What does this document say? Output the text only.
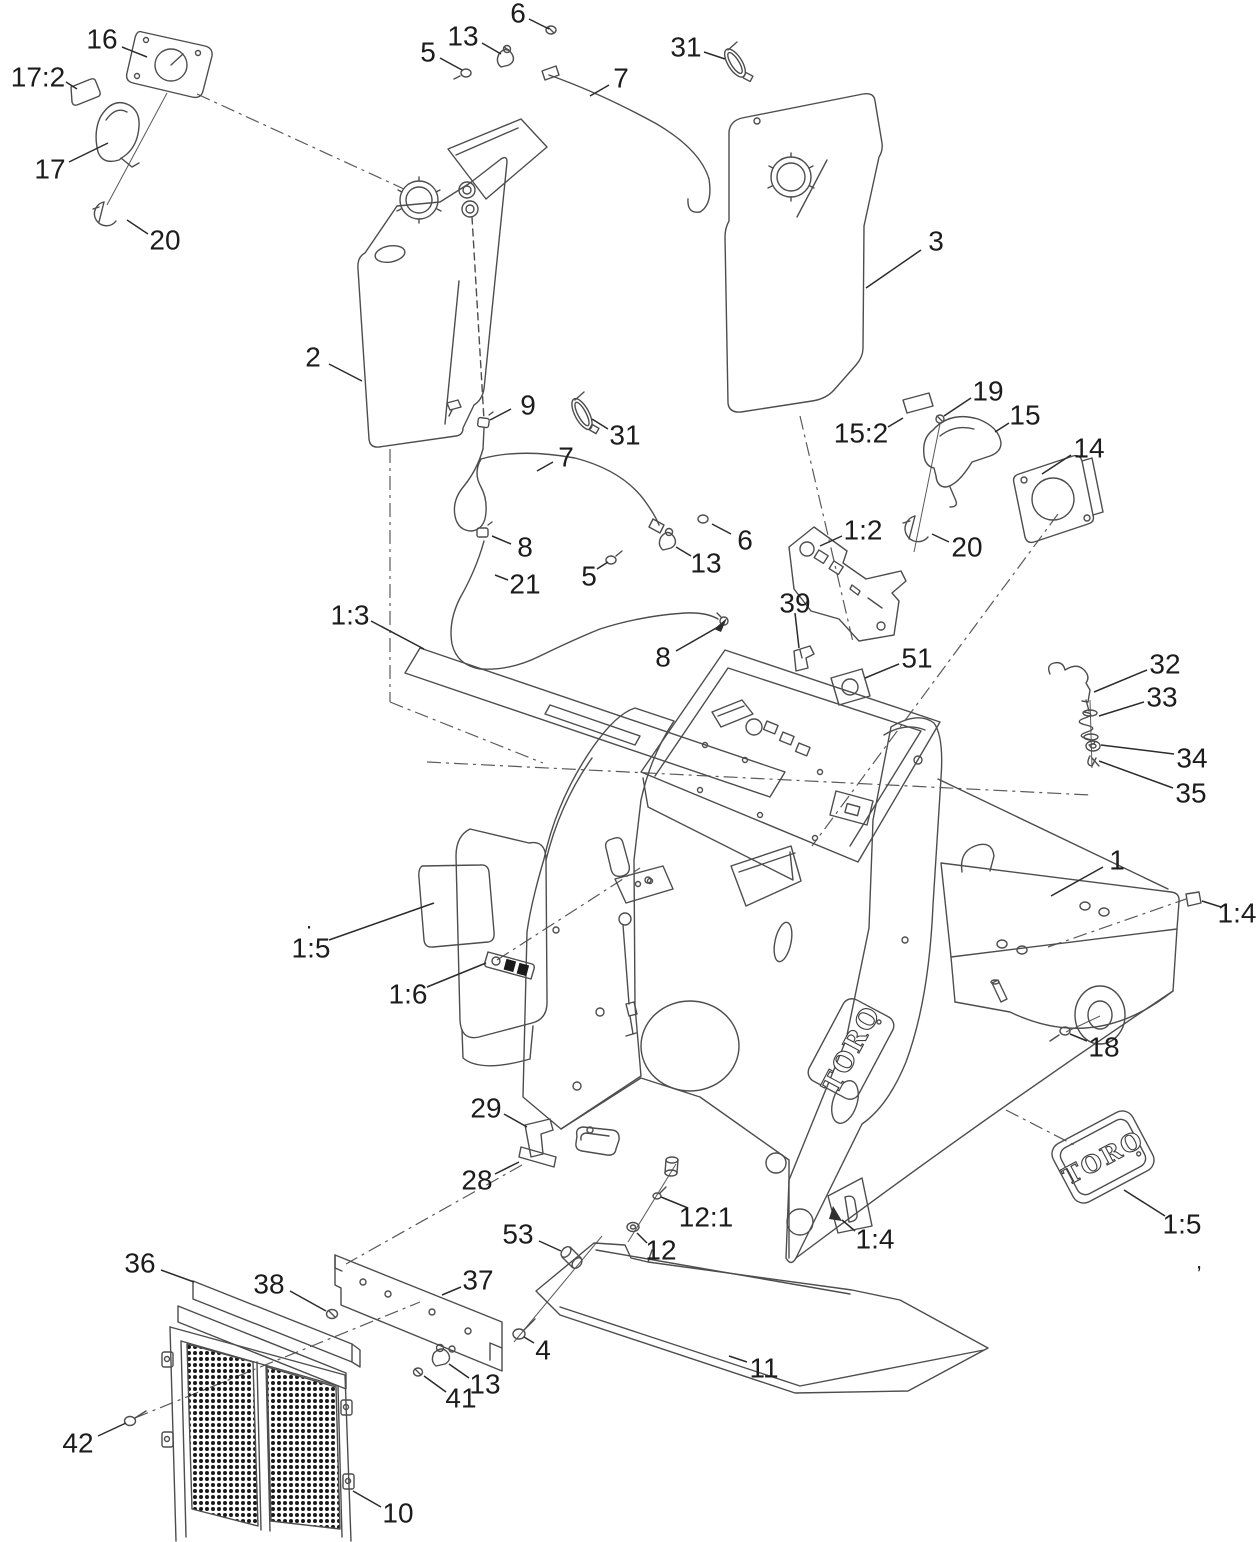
TORO
TORO
16
17:2
17
20
6
13
5
7
31
3
2
9
31
7
19
15:2
15
14
8
5	13
6
21
1:2
20
1:3
8
39
51	32
33
34
35
1
1:4
18
1:5
1:6
29
28
12:1
12
53
4
11
1:4	1:5
36
38	37
13
41
42
10
,
.
